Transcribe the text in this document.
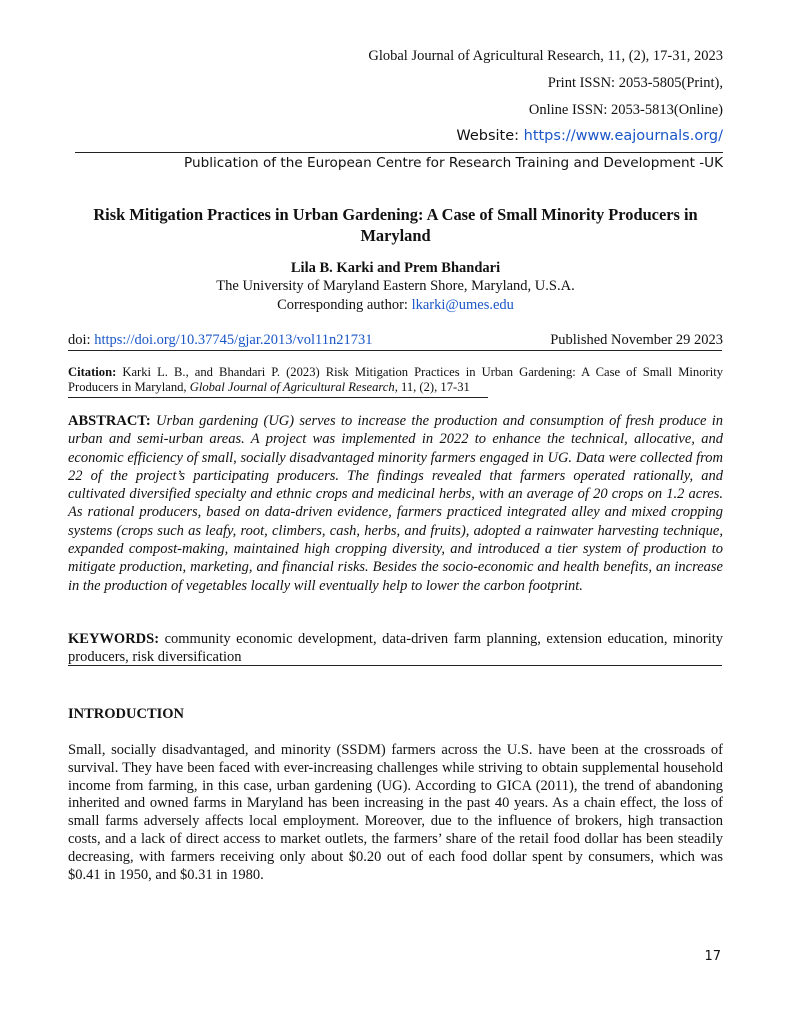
Global Journal of Agricultural Research, 11, (2), 17-31, 2023
Print ISSN: 2053-5805(Print),
Online ISSN: 2053-5813(Online)
Website: https://www.eajournals.org/
Publication of the European Centre for Research Training and Development -UK
Risk Mitigation Practices in Urban Gardening: A Case of Small Minority Producers in Maryland
Lila B. Karki and Prem Bhandari
The University of Maryland Eastern Shore, Maryland, U.S.A.
Corresponding author: lkarki@umes.edu
doi: https://doi.org/10.37745/gjar.2013/vol11n21731	Published November 29 2023
Citation: Karki L. B., and Bhandari P. (2023) Risk Mitigation Practices in Urban Gardening: A Case of Small Minority Producers in Maryland, Global Journal of Agricultural Research, 11, (2), 17-31
ABSTRACT: Urban gardening (UG) serves to increase the production and consumption of fresh produce in urban and semi-urban areas. A project was implemented in 2022 to enhance the technical, allocative, and economic efficiency of small, socially disadvantaged minority farmers engaged in UG. Data were collected from 22 of the project’s participating producers. The findings revealed that farmers operated rationally, and cultivated diversified specialty and ethnic crops and medicinal herbs, with an average of 20 crops on 1.2 acres. As rational producers, based on data-driven evidence, farmers practiced integrated alley and mixed cropping systems (crops such as leafy, root, climbers, cash, herbs, and fruits), adopted a rainwater harvesting technique, expanded compost-making, maintained high cropping diversity, and introduced a tier system of production to mitigate production, marketing, and financial risks. Besides the socio-economic and health benefits, an increase in the production of vegetables locally will eventually help to lower the carbon footprint.
KEYWORDS: community economic development, data-driven farm planning, extension education, minority producers, risk diversification
INTRODUCTION
Small, socially disadvantaged, and minority (SSDM) farmers across the U.S. have been at the crossroads of survival. They have been faced with ever-increasing challenges while striving to obtain supplemental household income from farming, in this case, urban gardening (UG). According to GICA (2011), the trend of abandoning inherited and owned farms in Maryland has been increasing in the past 40 years. As a chain effect, the loss of small farms adversely affects local employment. Moreover, due to the influence of brokers, high transaction costs, and a lack of direct access to market outlets, the farmers’ share of the retail food dollar has been steadily decreasing, with farmers receiving only about $0.20 out of each food dollar spent by consumers, which was $0.41 in 1950, and $0.31 in 1980.
17
